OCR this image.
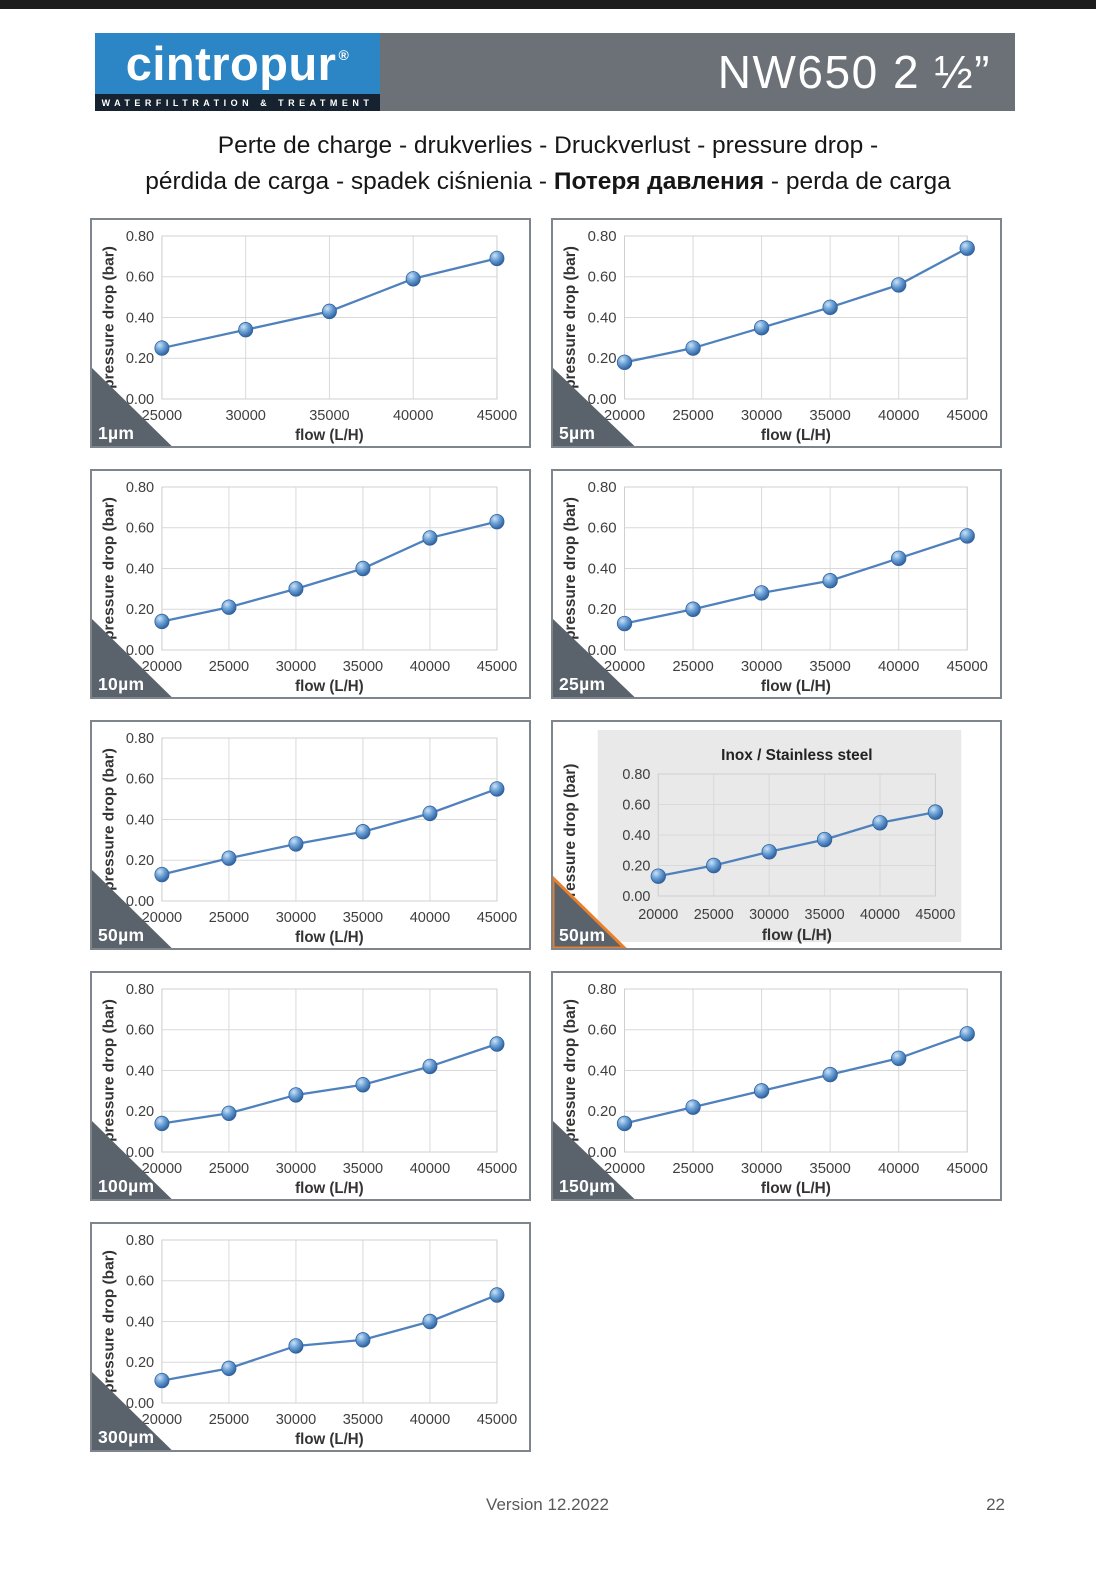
cintropur ®
WATERFILTRATION & TREATMENT
NW650 2 ½”
Perte de charge - drukverlies - Druckverlust - pressure drop -
pérdida de carga - spadek ciśnienia - Потеря давления - perda de carga
0.00
0.20
0.40
0.60
0.80
25000	30000	35000	40000	45000
flow (L/H)
pressure drop (bar)
1µm
0.00
0.20
0.40
0.60
0.80
20000 25000 30000 35000 40000 45000
flow (L/H)
pressure drop (bar)
5µm
0.00
0.20
0.40
0.60
0.80
20000 25000 30000 35000 40000 45000
flow (L/H)
pressure drop (bar)
10µm
0.00
0.20
0.40
0.60
0.80
20000 25000 30000 35000 40000 45000
flow (L/H)
pressure drop (bar)
25µm
0.00
0.20
0.40
0.60
0.80
20000 25000 30000 35000 40000 45000
flow (L/H)
pressure drop (bar)
50µm
Inox / Stainless steel
0.00
0.20
0.40
0.60
0.80
20000 25000 30000 35000 40000 45000
flow (L/H)
pressure drop (bar)
50µm
0.00
0.20
0.40
0.60
0.80
20000 25000 30000 35000 40000 45000
flow (L/H)
pressure drop (bar)
100µm
0.00
0.20
0.40
0.60
0.80
20000 25000 30000 35000 40000 45000
flow (L/H)
pressure drop (bar)
150µm
0.00
0.20
0.40
0.60
0.80
20000 25000 30000 35000 40000 45000
flow (L/H)
pressure drop (bar)
300µm
Version 12.2022	22
